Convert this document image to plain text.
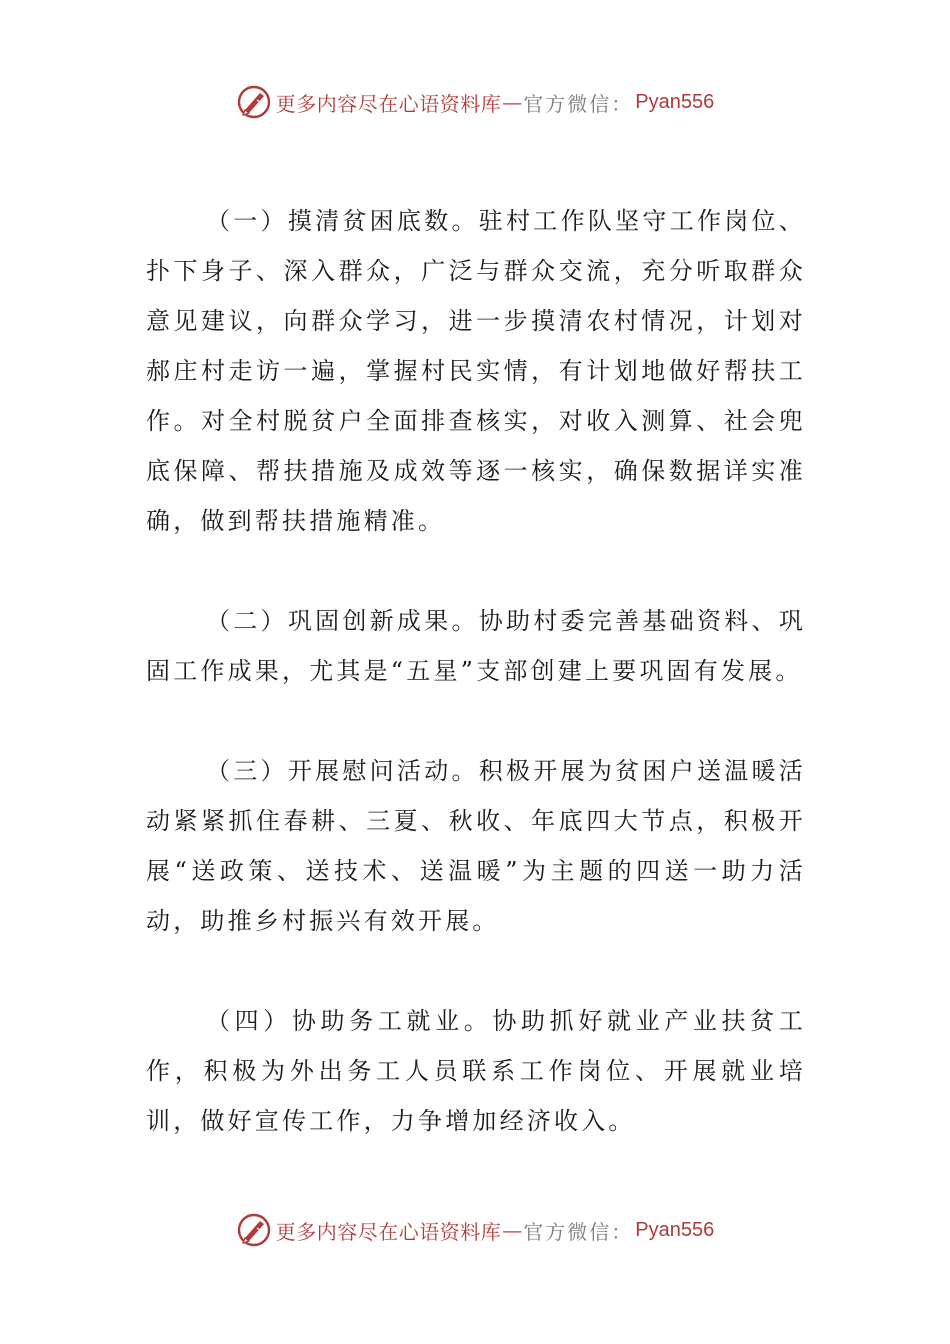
更多内容尽在心语资料库 — 官方微信： Pyan556

（一）摸清贫困底数。驻村工作队坚守工作岗位、扑下身子、深入群众，广泛与群众交流，充分听取群众意见建议，向群众学习，进一步摸清农村情况，计划对郝庄村走访一遍，掌握村民实情，有计划地做好帮扶工作。对全村脱贫户全面排查核实，对收入测算、社会兜底保障、帮扶措施及成效等逐一核实，确保数据详实准确，做到帮扶措施精准。

（二）巩固创新成果。协助村委完善基础资料、巩固工作成果，尤其是“五星”支部创建上要巩固有发展。

（三）开展慰问活动。积极开展为贫困户送温暖活动紧紧抓住春耕、三夏、秋收、年底四大节点，积极开展“送政策、送技术、送温暖”为主题的四送一助力活动，助推乡村振兴有效开展。

（四）协助务工就业。协助抓好就业产业扶贫工作，积极为外出务工人员联系工作岗位、开展就业培训，做好宣传工作，力争增加经济收入。

更多内容尽在心语资料库 — 官方微信： Pyan556
